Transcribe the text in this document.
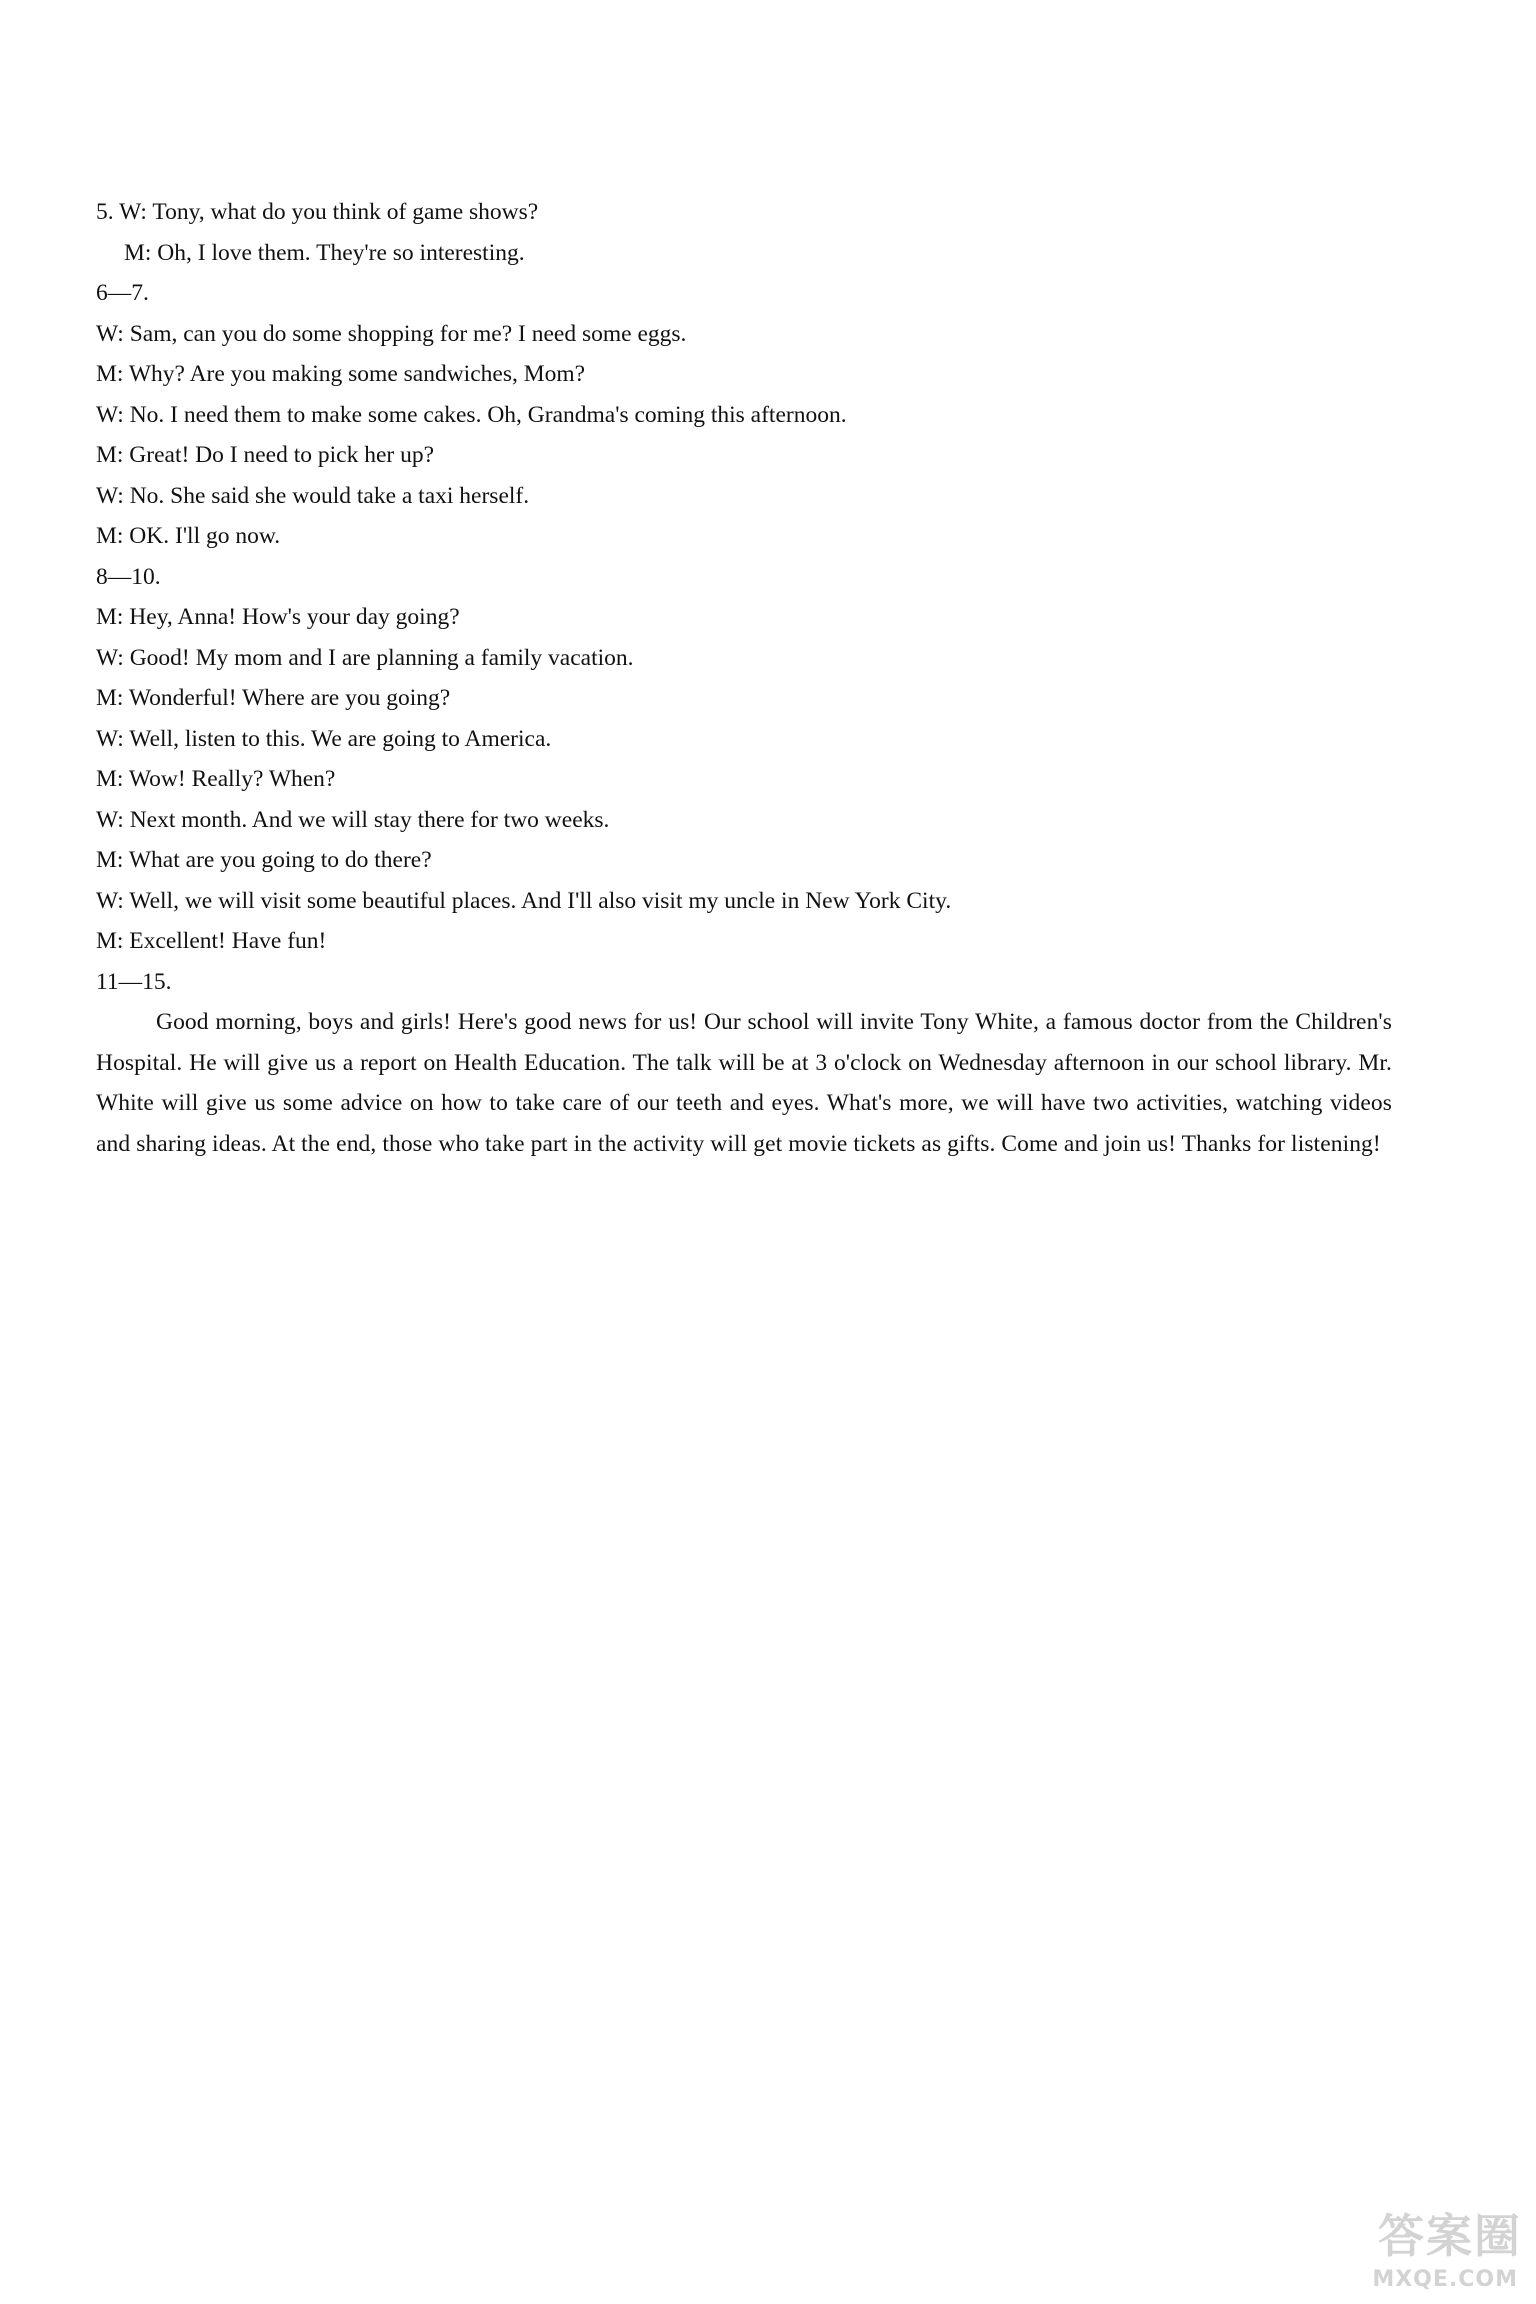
5. W: Tony, what do you think of game shows?
M: Oh, I love them. They're so interesting.
6—7.
W: Sam, can you do some shopping for me? I need some eggs.
M: Why? Are you making some sandwiches, Mom?
W: No. I need them to make some cakes. Oh, Grandma's coming this afternoon.
M: Great! Do I need to pick her up?
W: No. She said she would take a taxi herself.
M: OK. I'll go now.
8—10.
M: Hey, Anna! How's your day going?
W: Good! My mom and I are planning a family vacation.
M: Wonderful! Where are you going?
W: Well, listen to this. We are going to America.
M: Wow! Really? When?
W: Next month. And we will stay there for two weeks.
M: What are you going to do there?
W: Well, we will visit some beautiful places. And I'll also visit my uncle in New York City.
M: Excellent! Have fun!
11—15.
Good morning, boys and girls! Here's good news for us! Our school will invite Tony White, a famous doctor from the Children's Hospital. He will give us a report on Health Education. The talk will be at 3 o'clock on Wednesday afternoon in our school library. Mr. White will give us some advice on how to take care of our teeth and eyes. What's more, we will have two activities, watching videos and sharing ideas. At the end, those who take part in the activity will get movie tickets as gifts. Come and join us! Thanks for listening!
答案圈
MXQE.COM
